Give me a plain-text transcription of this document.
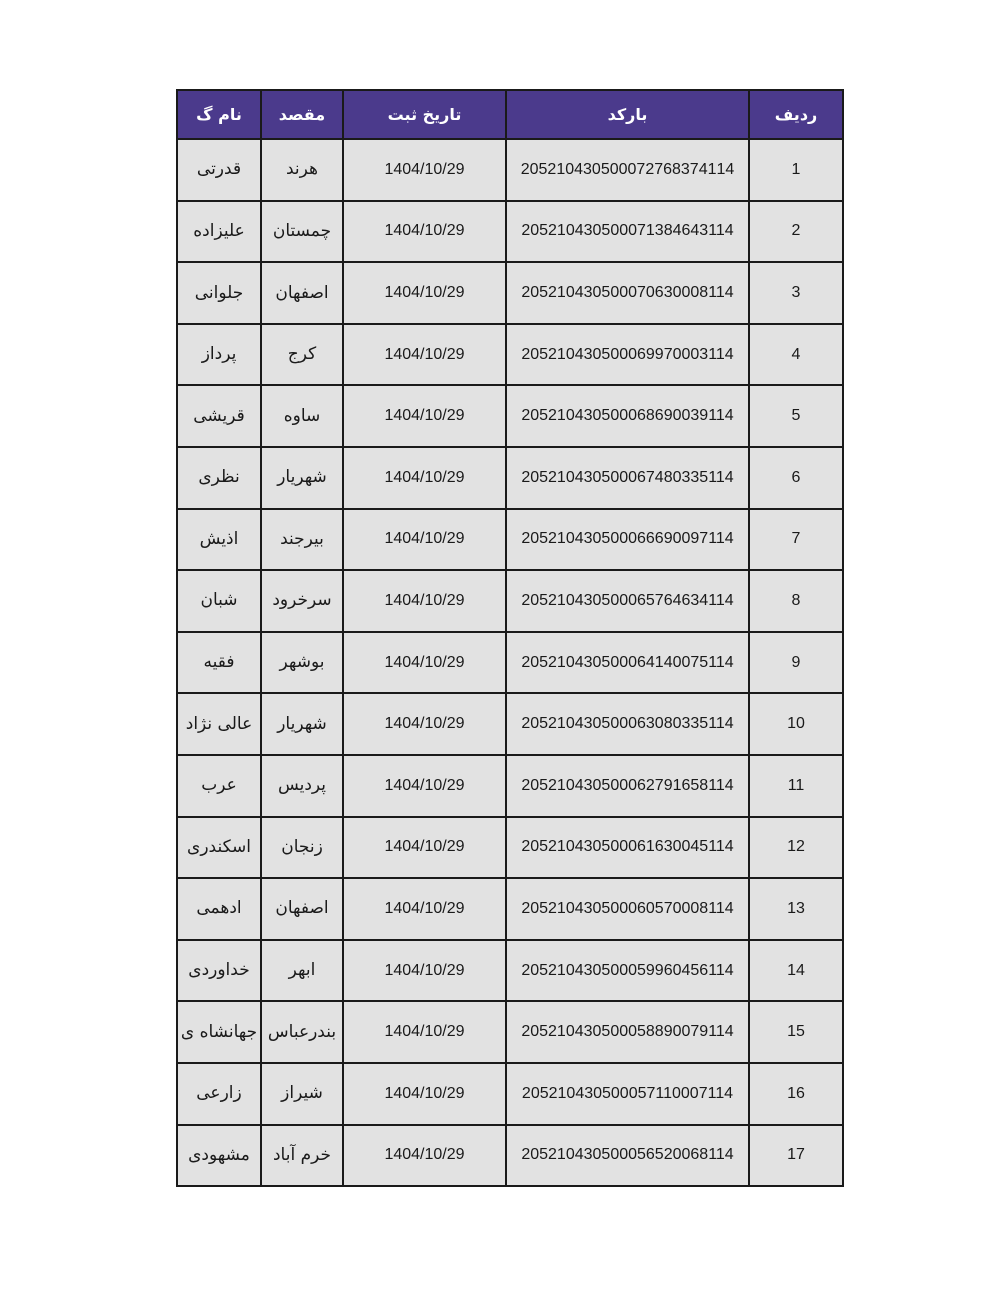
ردیف	بارکد	تاریخ ثبت	مقصد	نام گ
1	2052104305000727683741 14	1404/10/29	هرند	قدرتی
2	20521043050007138464311 4	1404/10/29	چمستان	علیزاده
3	20521043050007063000811 4	1404/10/29	اصفهان	جلوانی
4	20521043050006997000311 4	1404/10/29	کرج	پرداز
5	20521043050006869003911 4	1404/10/29	ساوه	قریشی
6	20521043050006748033511 4	1404/10/29	شهریار	نظری
7	20521043050006669009711 4	1404/10/29	بیرجند	اذیش
8	20521043050006576463411 4	1404/10/29	سرخرود	شبان
9	20521043050006414007511 4	1404/10/29	بوشهر	فقیه
10	20521043050006308033511 4	1404/10/29	شهریار	عالی نژاد
11	20521043050006279165811 4	1404/10/29	پردیس	عرب
12	20521043050006163004511 4	1404/10/29	زنجان	اسکندری
13	20521043050006057000811 4	1404/10/29	اصفهان	ادهمی
14	20521043050005996045611 4	1404/10/29	ابهر	خداوردی
15	20521043050005889007911 4	1404/10/29	بندرعباس	جهانشاه ی
16	20521043050005711000711 4	1404/10/29	شیراز	زارعی
17	20521043050005652006811 4	1404/10/29	خرم آباد	مشهودی
